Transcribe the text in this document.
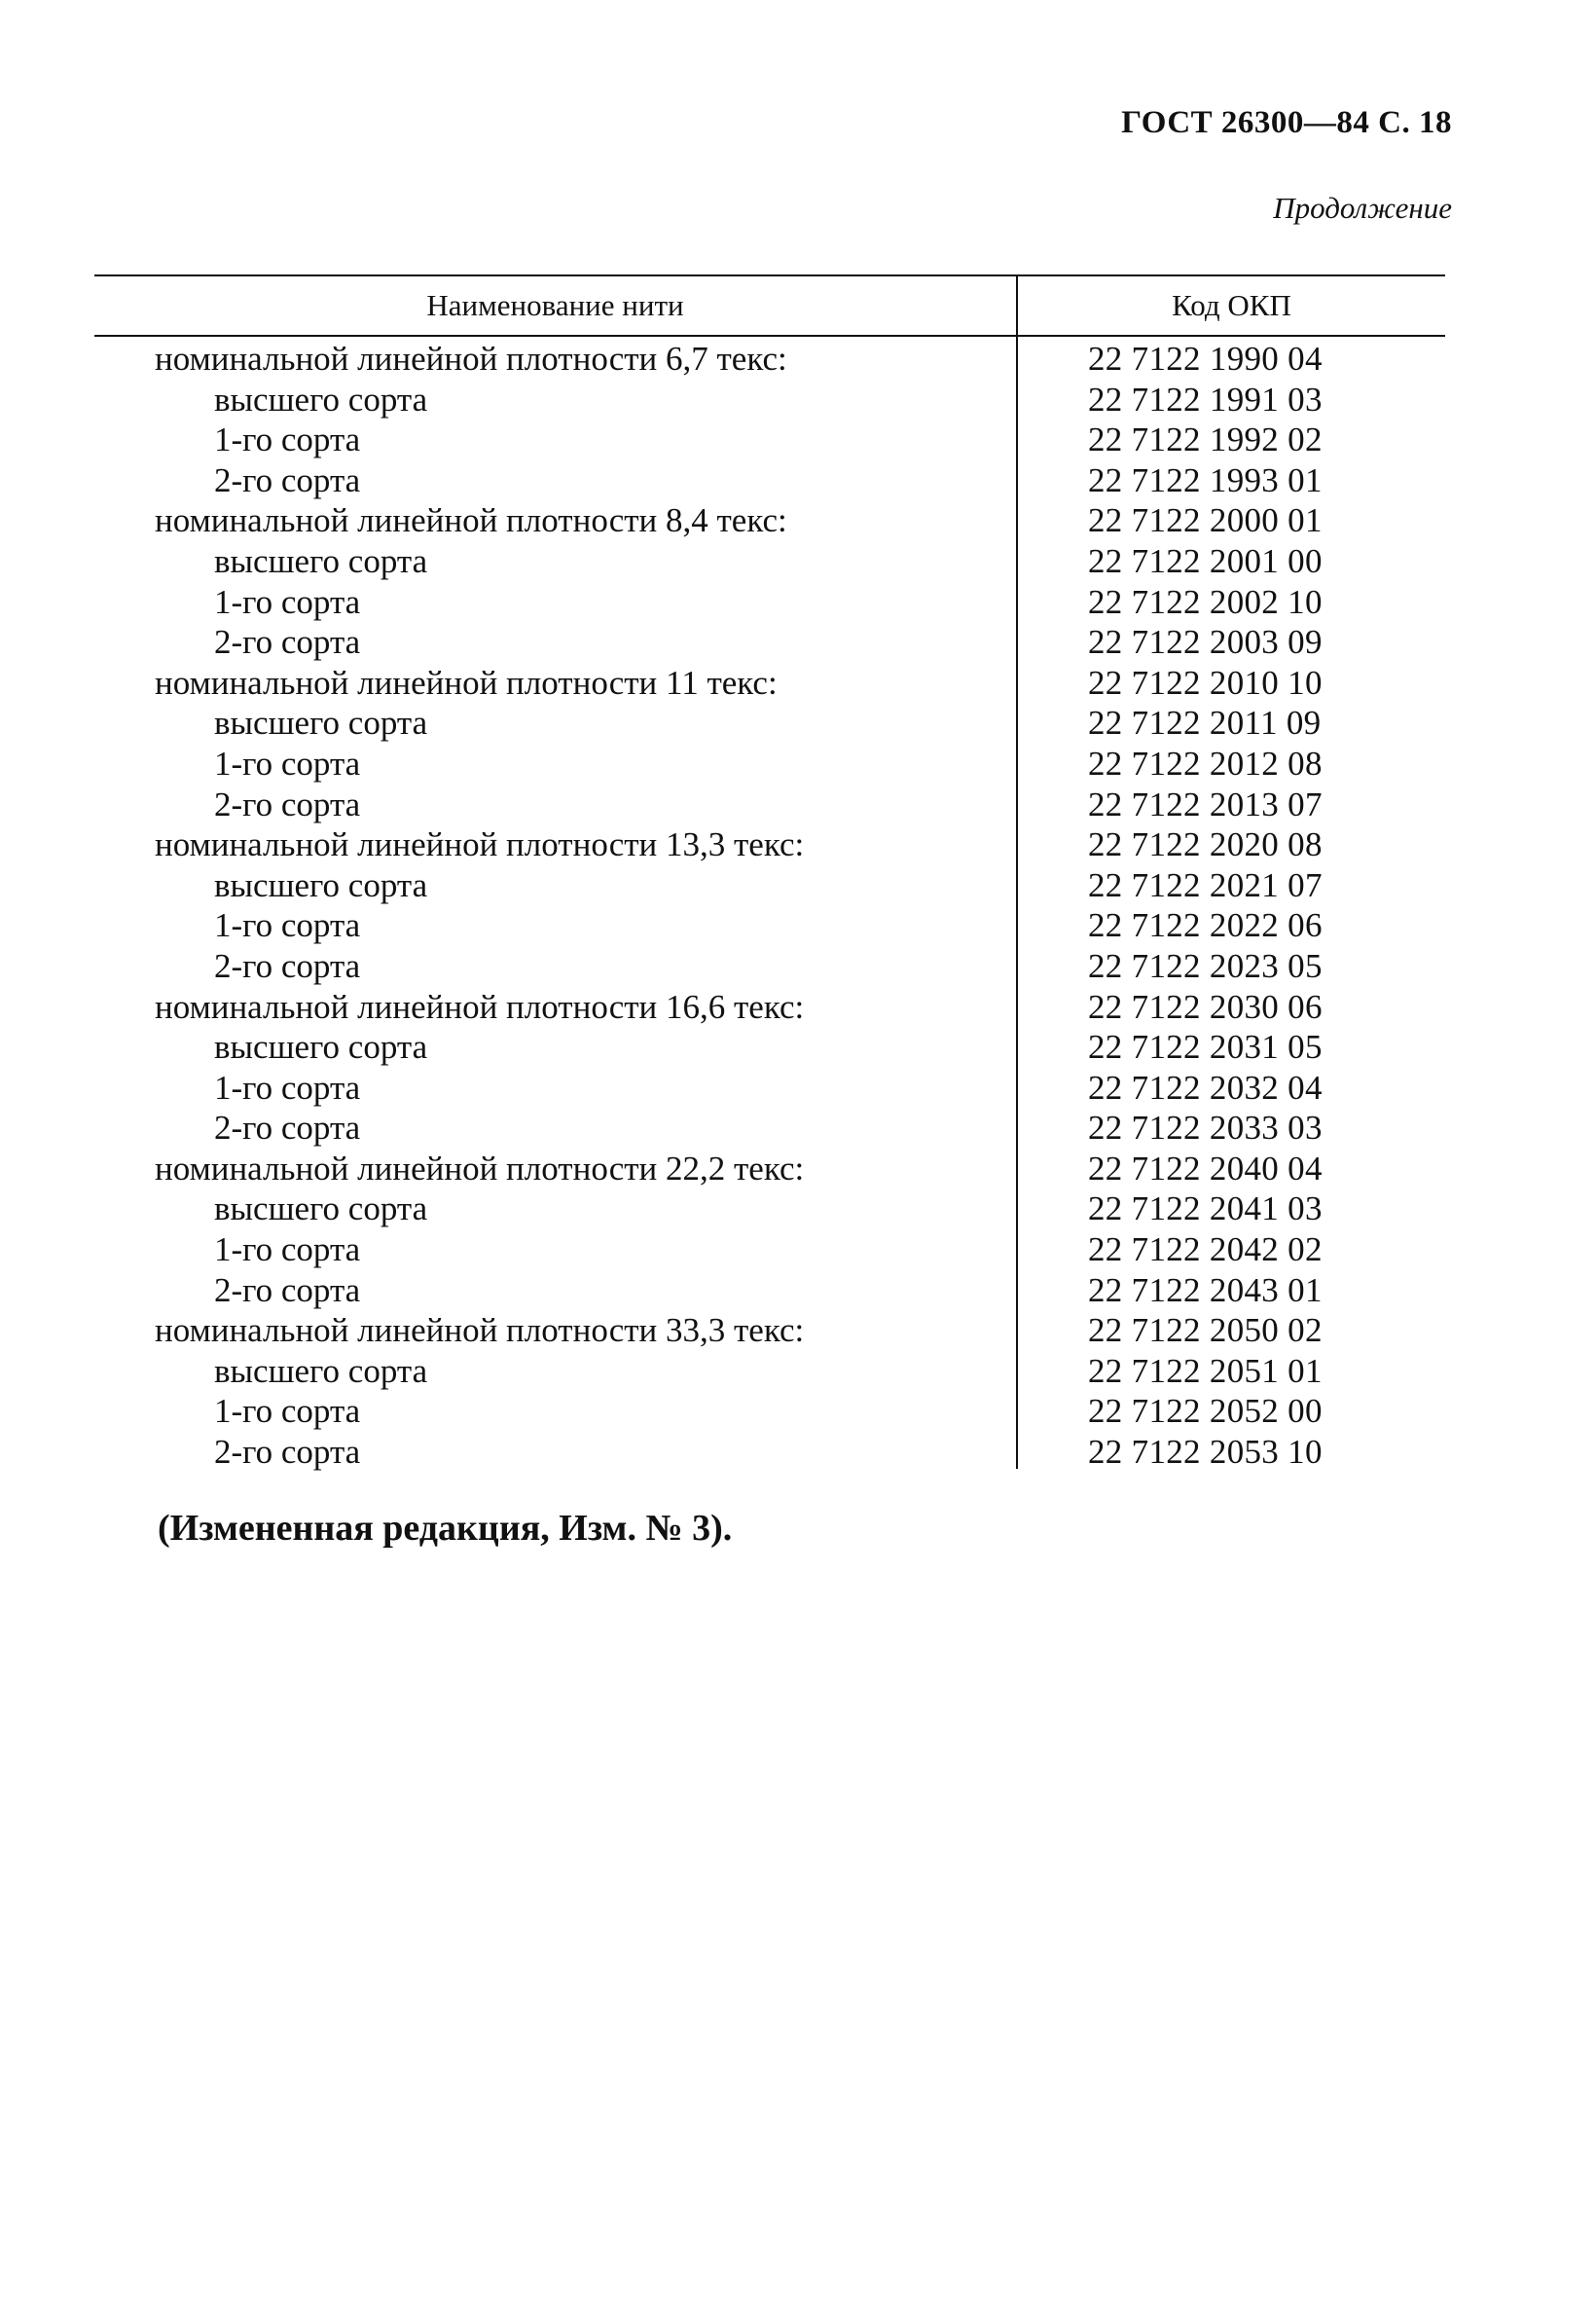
ГОСТ 26300—84 С. 18
Продолжение
Наименование нити	Код ОКП
номинальной линейной плотности 6,7 текс:	22 7122 1990 04
высшего сорта	22 7122 1991 03
1-го сорта	22 7122 1992 02
2-го сорта	22 7122 1993 01
номинальной линейной плотности 8,4 текс:	22 7122 2000 01
высшего сорта	22 7122 2001 00
1-го сорта	22 7122 2002 10
2-го сорта	22 7122 2003 09
номинальной линейной плотности 11 текс:	22 7122 2010 10
высшего сорта	22 7122 2011 09
1-го сорта	22 7122 2012 08
2-го сорта	22 7122 2013 07
номинальной линейной плотности 13,3 текс:	22 7122 2020 08
высшего сорта	22 7122 2021 07
1-го сорта	22 7122 2022 06
2-го сорта	22 7122 2023 05
номинальной линейной плотности 16,6 текс:	22 7122 2030 06
высшего сорта	22 7122 2031 05
1-го сорта	22 7122 2032 04
2-го сорта	22 7122 2033 03
номинальной линейной плотности 22,2 текс:	22 7122 2040 04
высшего сорта	22 7122 2041 03
1-го сорта	22 7122 2042 02
2-го сорта	22 7122 2043 01
номинальной линейной плотности 33,3 текс:	22 7122 2050 02
высшего сорта	22 7122 2051 01
1-го сорта	22 7122 2052 00
2-го сорта	22 7122 2053 10
(Измененная редакция, Изм. № 3).
